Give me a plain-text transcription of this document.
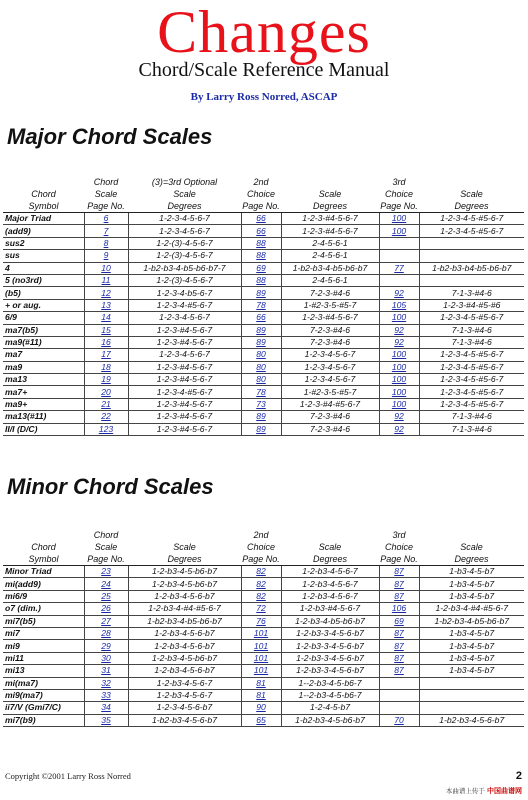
Changes
Chord/Scale Reference Manual
By Larry Ross Norred, ASCAP
Major Chord Scales
	Chord	(3)=3rd Optional	2nd		3rd	
Chord	Scale	Scale	Choice	Scale	Choice	Scale
Symbol	Page No.	Degrees	Page No.	Degrees	Page No.	Degrees
Major Triad	6	1-2-3-4-5-6-7	66	1-2-3-#4-5-6-7	100	1-2-3-4-5-#5-6-7
(add9)	7	1-2-3-4-5-6-7	66	1-2-3-#4-5-6-7	100	1-2-3-4-5-#5-6-7
sus2	8	1-2-(3)-4-5-6-7	88	2-4-5-6-1		
sus	9	1-2-(3)-4-5-6-7	88	2-4-5-6-1		
4	10	1-b2-b3-4-b5-b6-b7-7	69	1-b2-b3-4-b5-b6-b7	77	1-b2-b3-b4-b5-b6-b7
5 (no3rd)	11	1-2-(3)-4-5-6-7	88	2-4-5-6-1		
(b5)	12	1-2-3-4-b5-6-7	89	7-2-3-#4-6	92	7-1-3-#4-6
+ or aug.	13	1-2-3-4-#5-6-7	78	1-#2-3-5-#5-7	105	1-2-3-#4-#5-#6
6/9	14	1-2-3-4-5-6-7	66	1-2-3-#4-5-6-7	100	1-2-3-4-5-#5-6-7
ma7(b5)	15	1-2-3-#4-5-6-7	89	7-2-3-#4-6	92	7-1-3-#4-6
ma9(#11)	16	1-2-3-#4-5-6-7	89	7-2-3-#4-6	92	7-1-3-#4-6
ma7	17	1-2-3-4-5-6-7	80	1-2-3-4-5-6-7	100	1-2-3-4-5-#5-6-7
ma9	18	1-2-3-#4-5-6-7	80	1-2-3-4-5-6-7	100	1-2-3-4-5-#5-6-7
ma13	19	1-2-3-#4-5-6-7	80	1-2-3-4-5-6-7	100	1-2-3-4-5-#5-6-7
ma7+	20	1-2-3-4-#5-6-7	78	1-#2-3-5-#5-7	100	1-2-3-4-5-#5-6-7
ma9+	21	1-2-3-#4-5-6-7	73	1-2-3-#4-#5-6-7	100	1-2-3-4-5-#5-6-7
ma13(#11)	22	1-2-3-#4-5-6-7	89	7-2-3-#4-6	92	7-1-3-#4-6
II/I (D/C)	123	1-2-3-#4-5-6-7	89	7-2-3-#4-6	92	7-1-3-#4-6
Minor Chord Scales
	Chord		2nd		3rd	
Chord	Scale	Scale	Choice	Scale	Choice	Scale
Symbol	Page No.	Degrees	Page No.	Degrees	Page No.	Degrees
Minor Triad	23	1-2-b3-4-5-b6-b7	82	1-2-b3-4-5-6-7	87	1-b3-4-5-b7
mi(add9)	24	1-2-b3-4-5-b6-b7	82	1-2-b3-4-5-6-7	87	1-b3-4-5-b7
mi6/9	25	1-2-b3-4-5-6-b7	82	1-2-b3-4-5-6-7	87	1-b3-4-5-b7
o7 (dim.)	26	1-2-b3-4-#4-#5-6-7	72	1-2-b3-#4-5-6-7	106	1-2-b3-4-#4-#5-6-7
mi7(b5)	27	1-b2-b3-4-b5-b6-b7	76	1-2-b3-4-b5-b6-b7	69	1-b2-b3-4-b5-b6-b7
mi7	28	1-2-b3-4-5-6-b7	101	1-2-b3-3-4-5-6-b7	87	1-b3-4-5-b7
mi9	29	1-2-b3-4-5-6-b7	101	1-2-b3-3-4-5-6-b7	87	1-b3-4-5-b7
mi11	30	1-2-b3-4-5-b6-b7	101	1-2-b3-3-4-5-6-b7	87	1-b3-4-5-b7
mi13	31	1-2-b3-4-5-6-b7	101	1-2-b3-3-4-5-6-b7	87	1-b3-4-5-b7
mi(ma7)	32	1-2-b3-4-5-6-7	81	1--2-b3-4-5-b6-7		
mi9(ma7)	33	1-2-b3-4-5-6-7	81	1--2-b3-4-5-b6-7		
ii7/V (Gmi7/C)	34	1-2-3-4-5-6-b7	90	1-2-4-5-b7		
mi7(b9)	35	1-b2-b3-4-5-6-b7	65	1-b2-b3-4-5-b6-b7	70	1-b2-b3-4-5-6-b7
Copyright ©2001 Larry Ross Norred	2
本曲谱上传于 中国曲谱网
